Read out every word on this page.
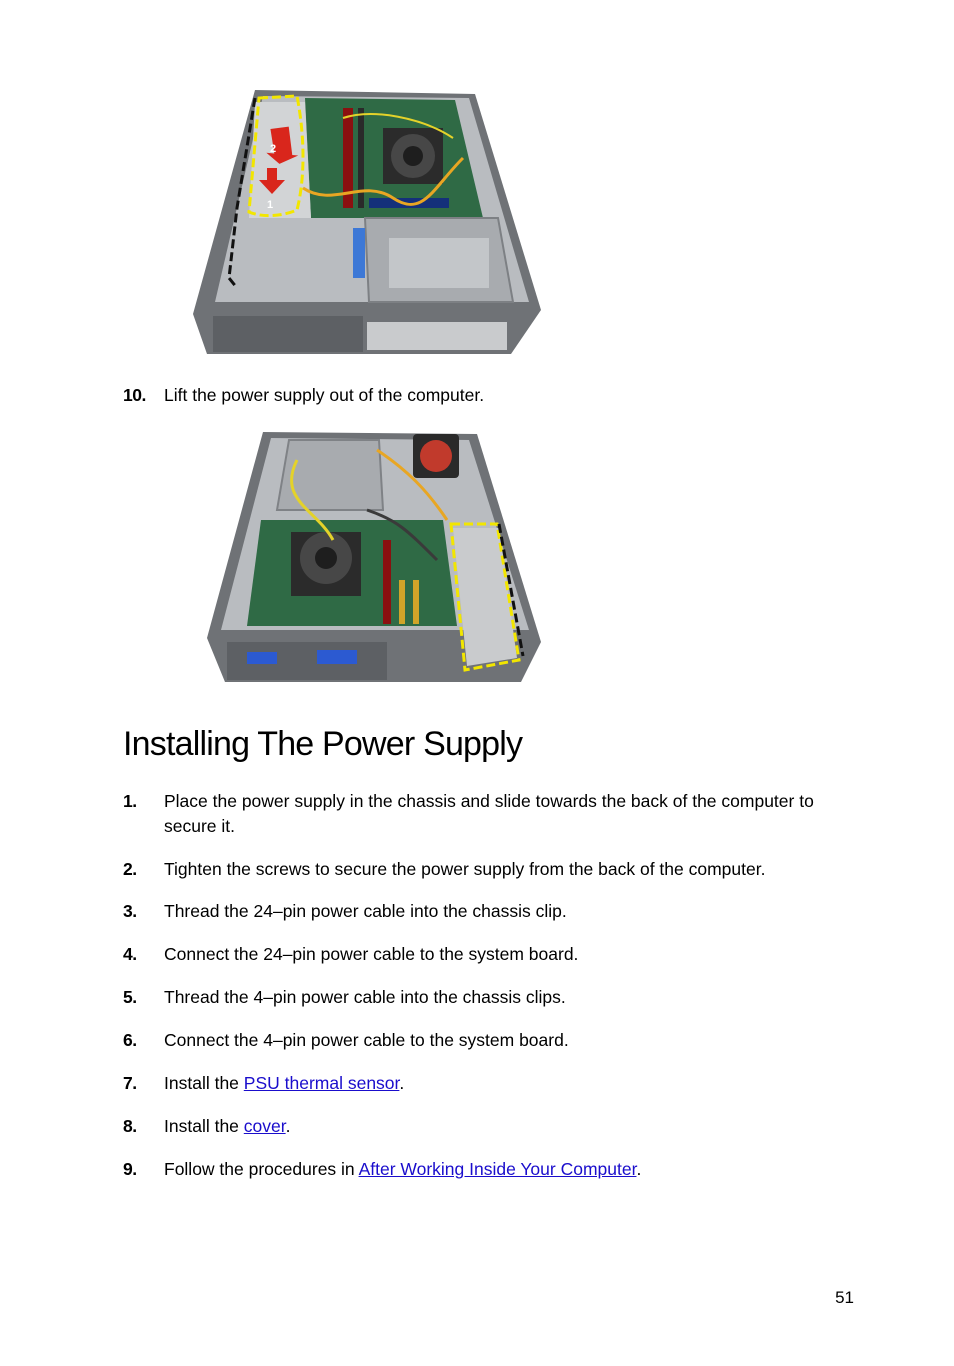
2
1
10.	Lift the power supply out of the computer.
Installing The Power Supply
1.	Place the power supply in the chassis and slide towards the back of the computer to secure it.
2.	Tighten the screws to secure the power supply from the back of the computer.
3.	Thread the 24–pin power cable into the chassis clip.
4.	Connect the 24–pin power cable to the system board.
5.	Thread the 4–pin power cable into the chassis clips.
6.	Connect the 4–pin power cable to the system board.
7.	Install the PSU thermal sensor.
8.	Install the cover.
9.	Follow the procedures in After Working Inside Your Computer.
51
